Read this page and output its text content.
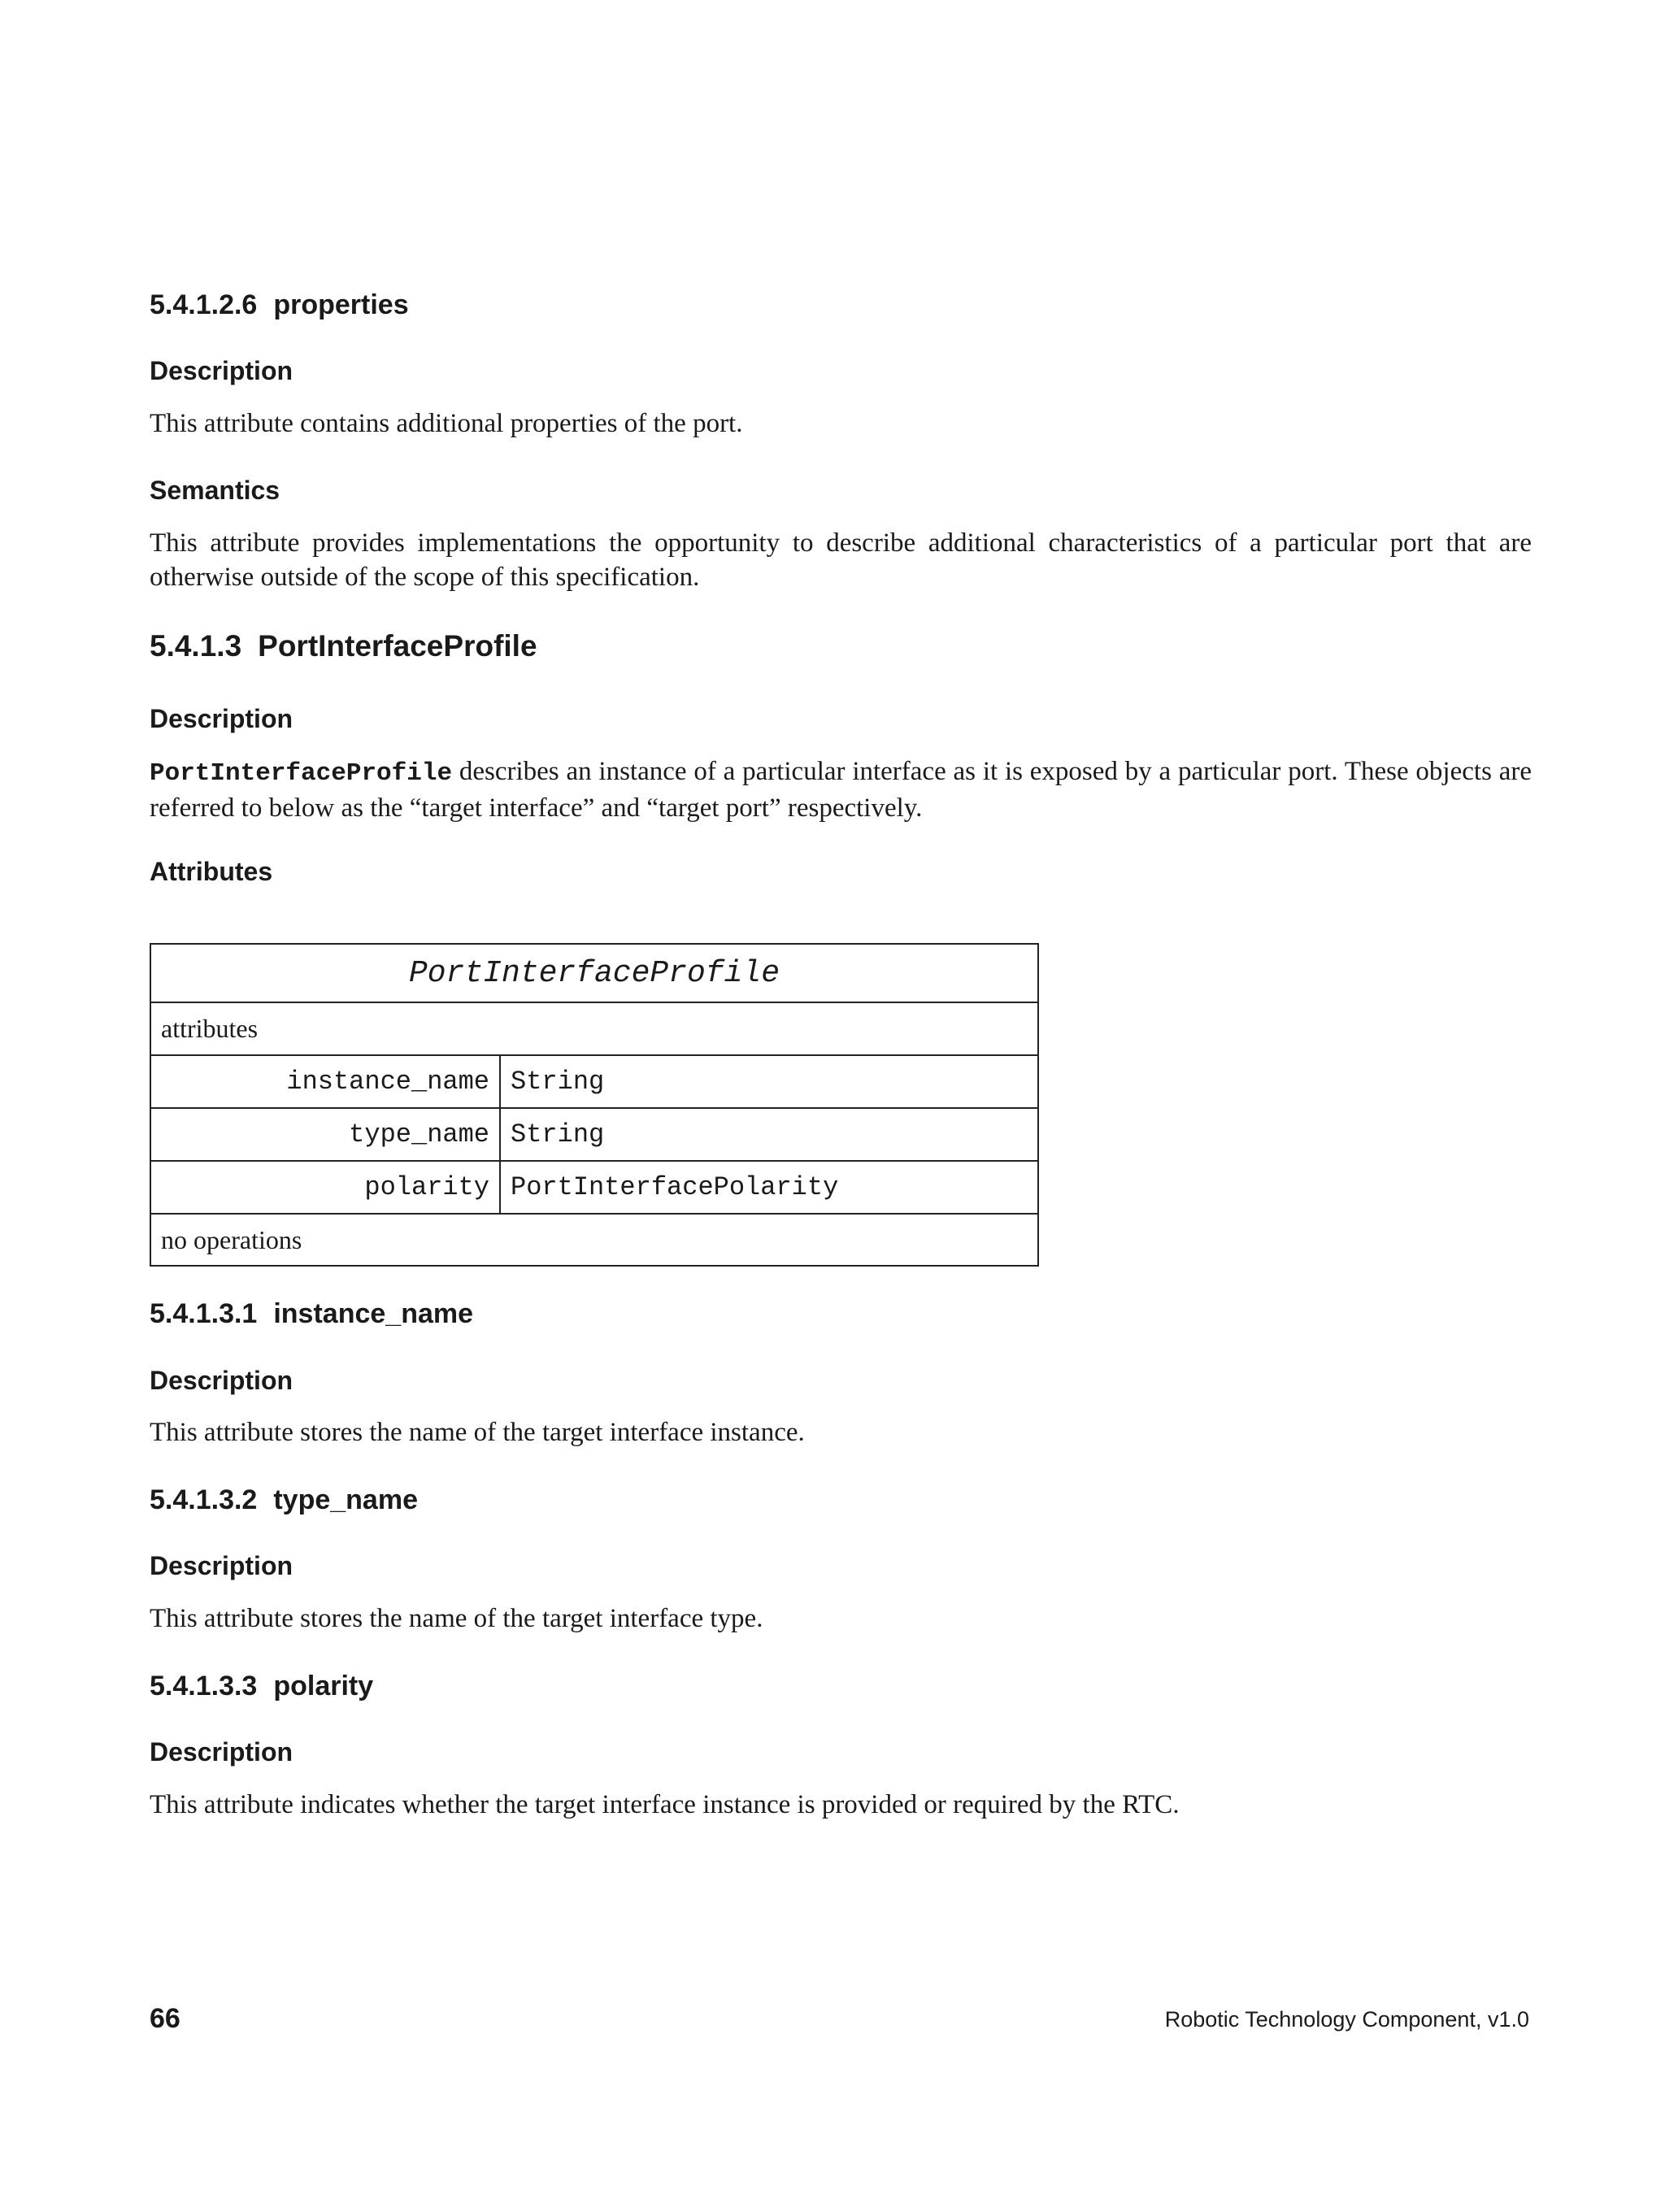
5.4.1.2.6 properties
Description

This attribute contains additional properties of the port.

Semantics

This attribute provides implementations the opportunity to describe additional characteristics of a particular port that are otherwise outside of the scope of this specification.

5.4.1.3 PortInterfaceProfile
Description

PortInterfaceProfile describes an instance of a particular interface as it is exposed by a particular port. These objects are referred to below as the “target interface” and “target port” respectively.

Attributes
PortInterfaceProfile
attributes
instance_name String
type_name String
polarity PortInterfacePolarity
no operations
5.4.1.3.1 instance_name
Description

This attribute stores the name of the target interface instance.

5.4.1.3.2 type_name
Description

This attribute stores the name of the target interface type.

5.4.1.3.3 polarity
Description

This attribute indicates whether the target interface instance is provided or required by the RTC.

66	Robotic Technology Component, v1.0
